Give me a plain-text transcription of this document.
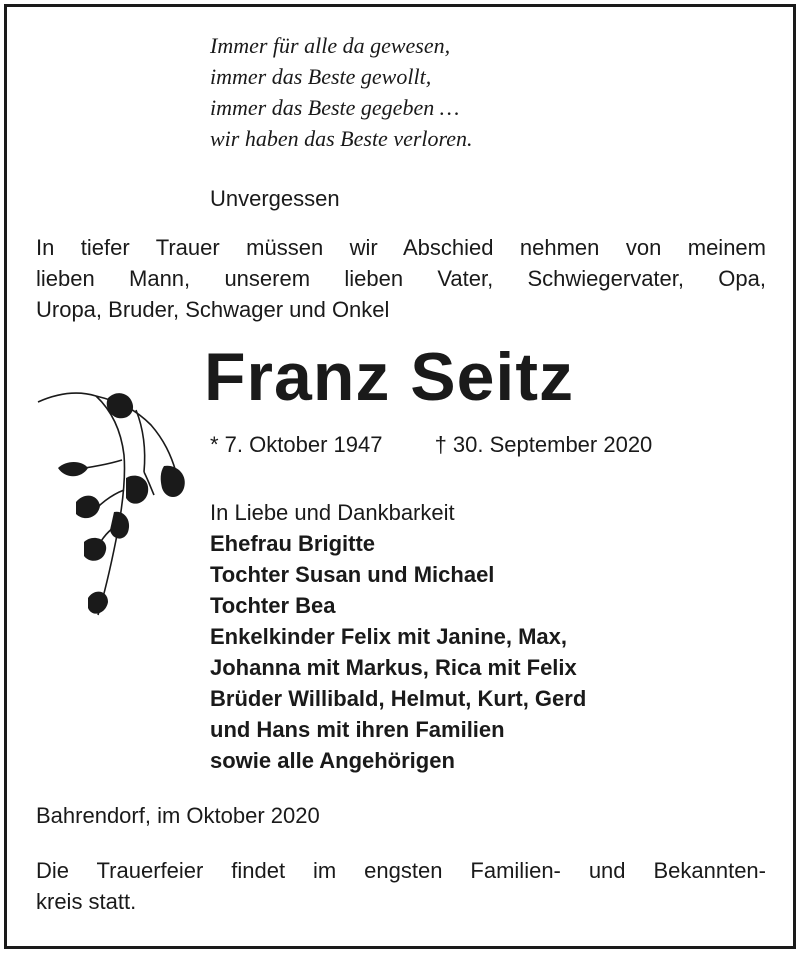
Immer für alle da gewesen,
immer das Beste gewollt,
immer das Beste gegeben …
wir haben das Beste verloren.
Unvergessen
In tiefer Trauer müssen wir Abschied nehmen von meinem
lieben Mann, unserem lieben Vater, Schwiegervater, Opa,
Uropa, Bruder, Schwager und Onkel
Franz Seitz
* 7. Oktober 1947 † 30. September 2020
In Liebe und Dankbarkeit
Ehefrau Brigitte
Tochter Susan und Michael
Tochter Bea
Enkelkinder Felix mit Janine, Max,
Johanna mit Markus, Rica mit Felix
Brüder Willibald, Helmut, Kurt, Gerd
und Hans mit ihren Familien
sowie alle Angehörigen
Bahrendorf, im Oktober 2020
Die Trauerfeier findet im engsten Familien- und Bekannten-
kreis statt.
